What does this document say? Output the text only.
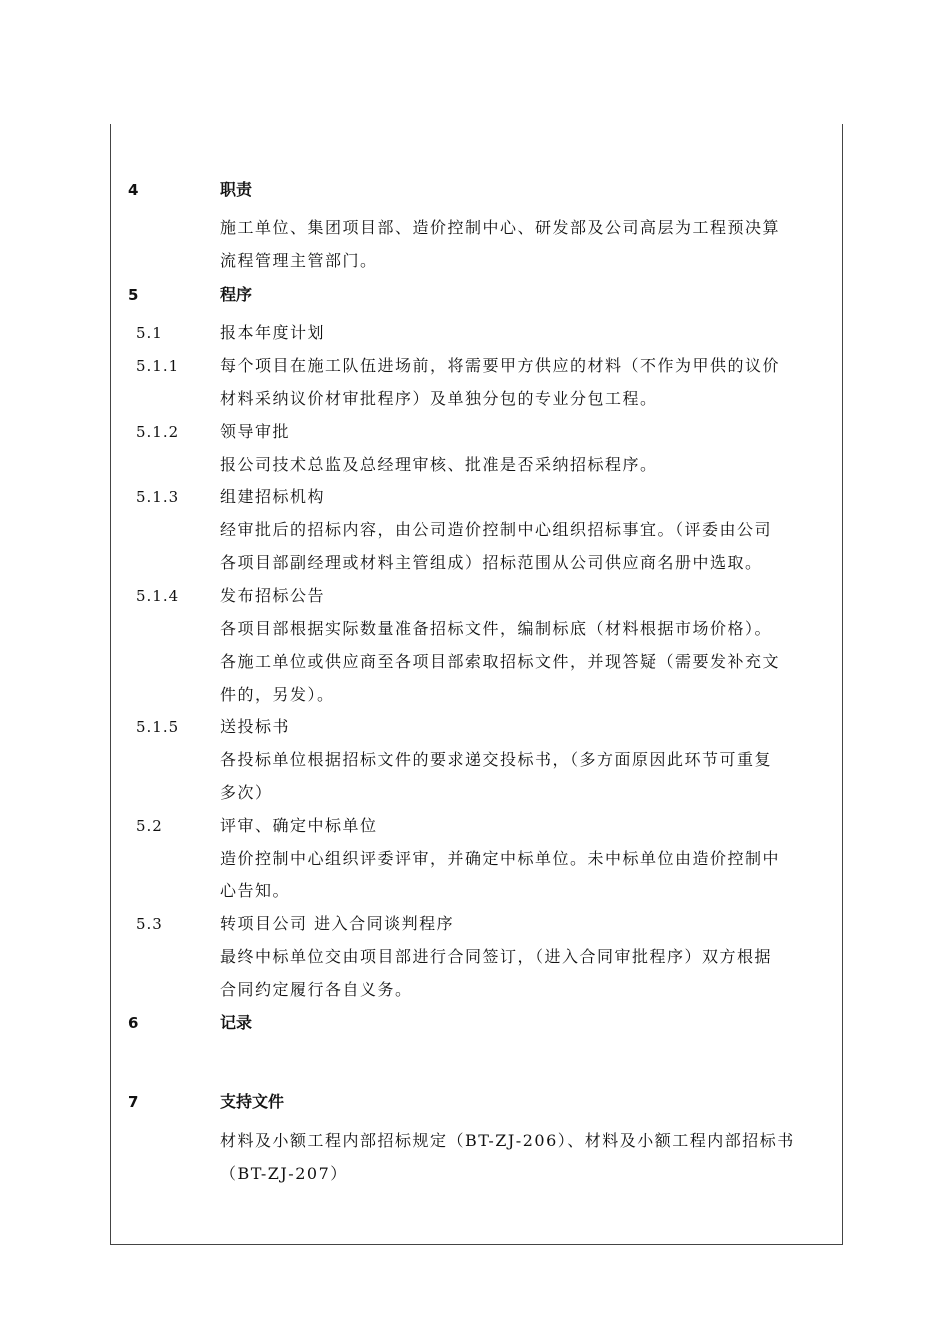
4	职责
施工单位、集团项目部、造价控制中心、研发部及公司高层为工程预决算
流程管理主管部门。
5	程序
5.1	报本年度计划
5.1.1	每个项目在施工队伍进场前，将需要甲方供应的材料（不作为甲供的议价
材料采纳议价材审批程序）及单独分包的专业分包工程。
5.1.2	领导审批
报公司技术总监及总经理审核、批准是否采纳招标程序。
5.1.3	组建招标机构
经审批后的招标内容，由公司造价控制中心组织招标事宜。（评委由公司
各项目部副经理或材料主管组成）招标范围从公司供应商名册中选取。
5.1.4	发布招标公告
各项目部根据实际数量准备招标文件，编制标底（材料根据市场价格）。
各施工单位或供应商至各项目部索取招标文件，并现答疑（需要发补充文
件的，另发）。
5.1.5	送投标书
各投标单位根据招标文件的要求递交投标书，（多方面原因此环节可重复
多次）
5.2	评审、确定中标单位
造价控制中心组织评委评审，并确定中标单位。未中标单位由造价控制中
心告知。
5.3	转项目公司 进入合同谈判程序
最终中标单位交由项目部进行合同签订，（进入合同审批程序）双方根据
合同约定履行各自义务。
6	记录
7	支持文件
材料及小额工程内部招标规定（BT-ZJ-206）、材料及小额工程内部招标书
（BT-ZJ-207）
